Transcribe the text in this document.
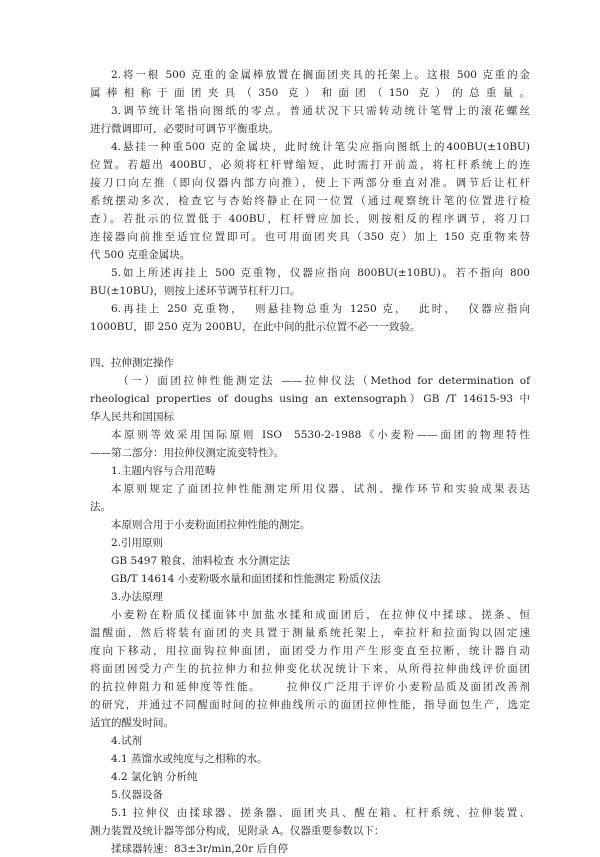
2.将一根 500 克重的金属棒放置在搁面团夹具的托架上。这根 500 克重的金
属棒相称于面团夹具（350 克）和面团（150 克）的总重量。
3.调节统计笔指向图纸的零点。普通状况下只需转动统计笔臂上的滚花螺丝
进行微调即可，必要时可调节平衡重块。
4.悬挂一种重500 克的金属块，此时统计笔尖应指向图纸上的400BU(±10BU)
位置。若超出 400BU，必须将杠杆臂缩短，此时需打开前盖，将杠杆系统上的连
接刀口向左推（即向仪器内部方向推），使上下两部分垂直对准。调节后让杠杆
系统摆动多次，检查它与杏始终静止在同一位置（通过观察统计笔的位置进行检
查）。若批示的位置低于 400BU，杠杆臂应加长，则按相反的程序调节，将刀口
连接器向前推至适宜位置即可。也可用面团夹具（350 克）加上 150 克重物来替
代 500 克重金属块。
5.如上所述再挂上 500 克重物，仪器应指向 800BU(±10BU)。若不指向 800
BU(±10BU)，则按上述环节调节杠杆刀口。
6.再挂上 250 克重物，  则悬挂物总重为 1250 克，  此时，  仪器应指向
1000BU，即 250 克为 200BU，在此中间的批示位置不必一一致验。
四、拉伸测定操作
（一）面团拉伸性能测定法 ——拉伸仪法（Method for determination of
rheological properties of doughs using an extensograph）GB /T 14615-93 中
华人民共和国国标
本原则等效采用国际原则 ISO  5530-2-1988《小麦粉——面团的物理特性
——第二部分：用拉伸仪测定流变特性》。
1.主题内容与合用范畴
本原则规定了面团拉伸性能测定所用仪器、试剂、操作环节和实验成果表达
法。
本原则合用于小麦粉面团拉伸性能的测定。
2.引用原则
GB 5497 粮食、油料检查 水分测定法
GB/T 14614 小麦粉吸水量和面团揉和性能测定 粉质仪法
3.办法原理
小麦粉在粉质仪揉面钵中加盐水揉和成面团后，在拉伸仪中揉球、搓条、恒
温醒面，然后将装有面团的夹具置于测量系统托架上，牵拉杆和拉面钩以固定速
度向下移动，用拉面钩拉伸面团，面团受力作用产生形变直至拉断，统计器自动
将面团因受力产生的抗拉伸力和拉伸变化状况统计下来，从所得拉伸曲线评价面团
的抗拉伸阻力和延伸度等性能。     拉伸仪广泛用于评价小麦粉品质及面团改善剂
的研究，并通过不同醒面时间的拉伸曲线所示的面团拉伸性能，指导面包生产，选定
适宜的醒发时间。
4.试剂
4.1 蒸馏水或纯度与之相称的水。
4.2 氯化钠 分析纯
5.仪器设备
5.1 拉伸仪 由揉球器、搓条器、面团夹具、醒在箱、杠杆系统、拉伸装置、
测力装置及统计器等部分构成，见附录 A。仪器重要参数以下：
揉球器转速：83±3r/min,20r 后自停
